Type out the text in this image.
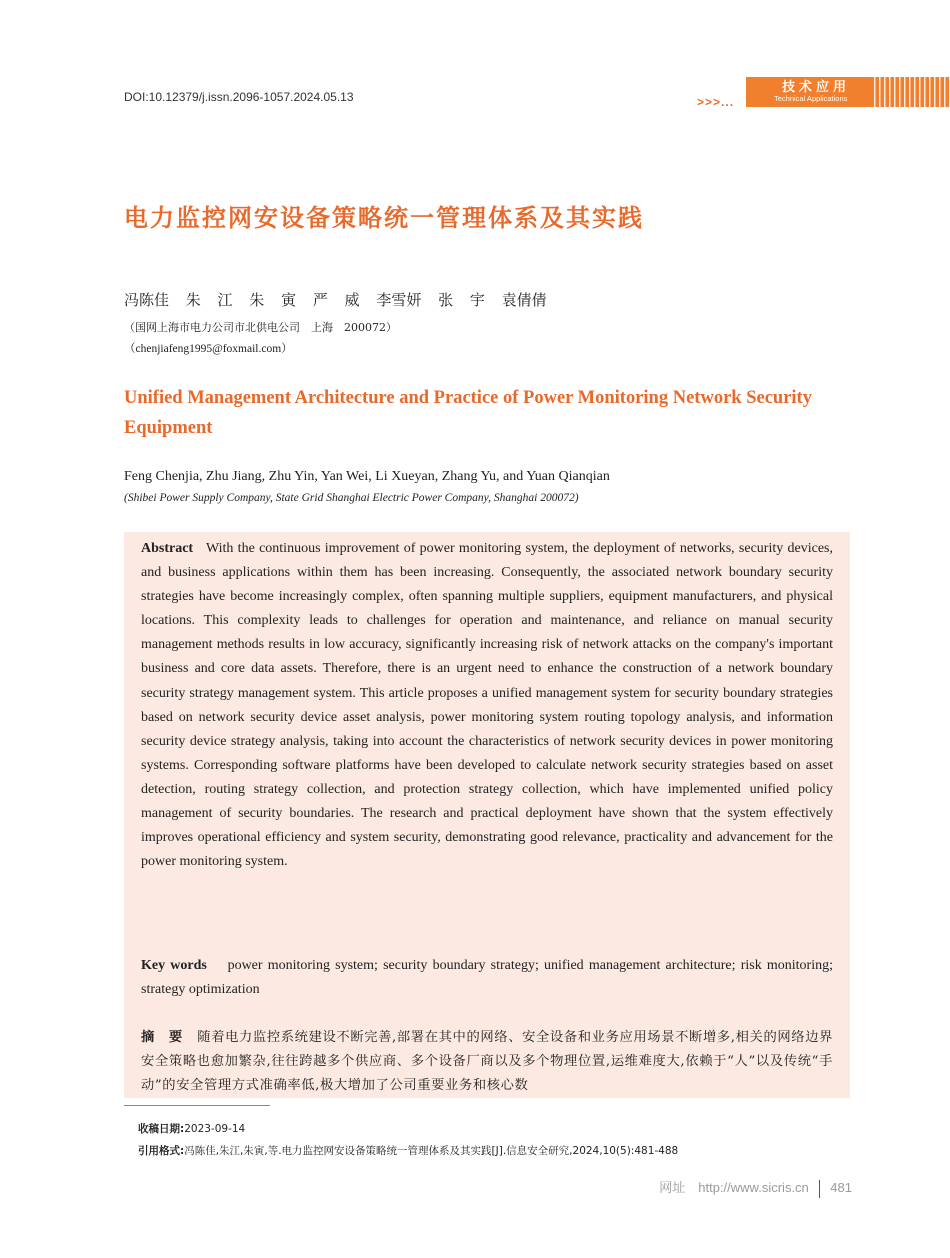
DOI:10.12379/j.issn.2096-1057.2024.05.13	>>>...
技术应用
Technical Applications
电力监控网安设备策略统一管理体系及其实践
冯陈佳 朱 江 朱 寅 严 威 李雪妍 张 宇 袁倩倩
（国网上海市电力公司市北供电公司　上海　200072）
（chenjiafeng1995@foxmail.com）
Unified Management Architecture and Practice of Power Monitoring Network Security Equipment
Feng Chenjia, Zhu Jiang, Zhu Yin, Yan Wei, Li Xueyan, Zhang Yu, and Yuan Qianqian
(Shibei Power Supply Company, State Grid Shanghai Electric Power Company, Shanghai 200072)
Abstract With the continuous improvement of power monitoring system, the deployment of networks, security devices, and business applications within them has been increasing. Consequently, the associated network boundary security strategies have become increasingly complex, often spanning multiple suppliers, equipment manufacturers, and physical locations. This complexity leads to challenges for operation and maintenance, and reliance on manual security management methods results in low accuracy, significantly increasing risk of network attacks on the company's important business and core data assets. Therefore, there is an urgent need to enhance the construction of a network boundary security strategy management system. This article proposes a unified management system for security boundary strategies based on network security device asset analysis, power monitoring system routing topology analysis, and information security device strategy analysis, taking into account the characteristics of network security devices in power monitoring systems. Corresponding software platforms have been developed to calculate network security strategies based on asset detection, routing strategy collection, and protection strategy collection, which have implemented unified policy management of security boundaries. The research and practical deployment have shown that the system effectively improves operational efficiency and system security, demonstrating good relevance, practicality and advancement for the power monitoring system.
Key words power monitoring system; security boundary strategy; unified management architecture; risk monitoring; strategy optimization
摘　要 随着电力监控系统建设不断完善,部署在其中的网络、安全设备和业务应用场景不断增多,相关的网络边界安全策略也愈加繁杂,往往跨越多个供应商、多个设备厂商以及多个物理位置,运维难度大,依赖于“人”以及传统“手动”的安全管理方式准确率低,极大增加了公司重要业务和核心数
收稿日期:2023-09-14
引用格式:冯陈佳,朱江,朱寅,等.电力监控网安设备策略统一管理体系及其实践[J].信息安全研究,2024,10(5):481-488
网址　http://www.sicris.cn 481
